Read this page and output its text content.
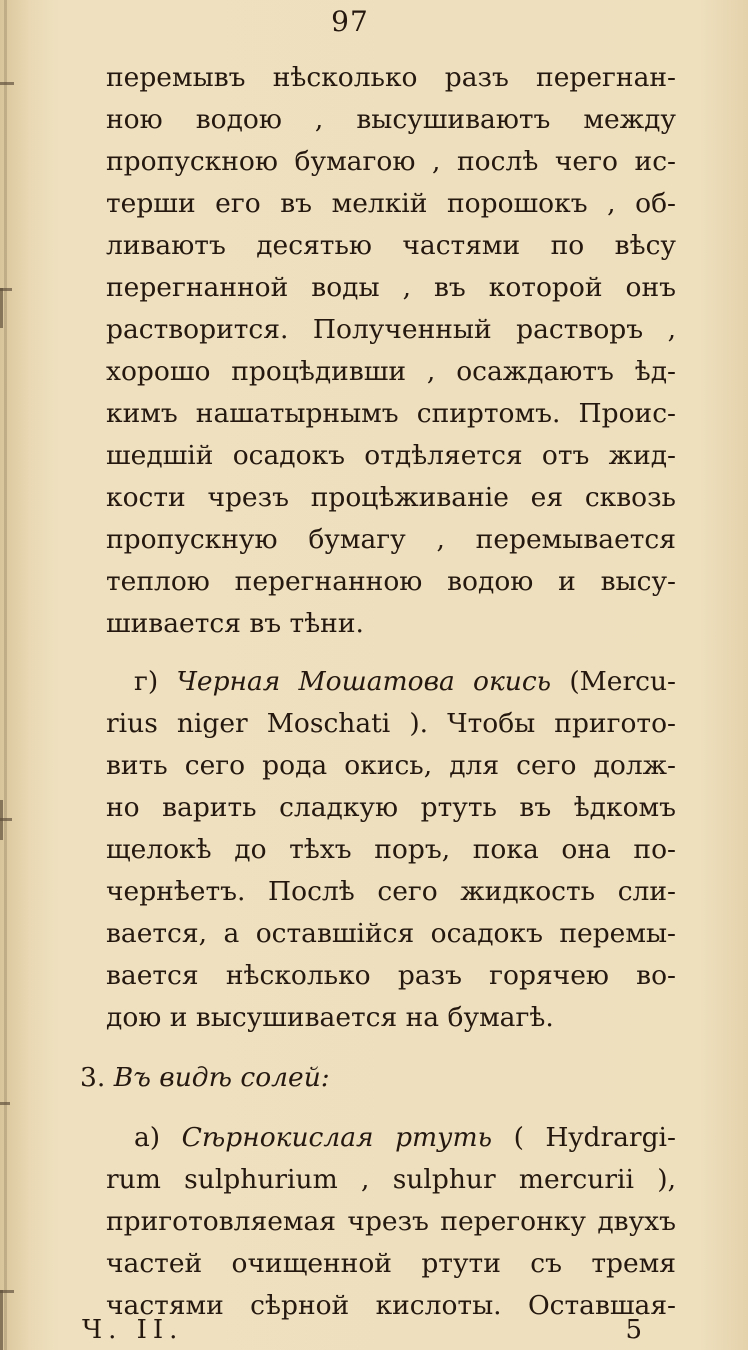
97
перемывъ нѣсколько разъ перегнан-
ною водою , высушиваютъ между
пропускною бумагою , послѣ чего ис-
терши его въ мелкій порошокъ , об-
ливаютъ десятью частями по вѣсу
перегнанной воды , въ которой онъ
растворится. Полученный растворъ ,
хорошо процѣдивши , осаждаютъ ѣд-
кимъ нашатырнымъ спиртомъ. Проис-
шедшій осадокъ отдѣляется отъ жид-
кости чрезъ процѣживаніе ея сквозь
пропускную бумагу , перемывается
теплою перегнанною водою и высу-
шивается въ тѣни.
г) Черная Мошатова окись (Mercu-
rius niger Moschati ). Чтобы пригото-
вить сего рода окись, для сего долж-
но варить сладкую ртуть въ ѣдкомъ
щелокѣ до тѣхъ поръ, пока она по-
чернѣетъ. Послѣ сего жидкость сли-
вается, а оставшійся осадокъ перемы-
вается нѣсколько разъ горячею во-
дою и высушивается на бумагѣ.
3. Въ видѣ солей:
а) Сѣрнокислая ртуть ( Hydrargi-
rum sulphurium , sulphur mercurii ),
приготовляемая чрезъ перегонку двухъ
частей очищенной ртути съ тремя
частями сѣрной кислоты. Оставшая-
Ч. II.	5
